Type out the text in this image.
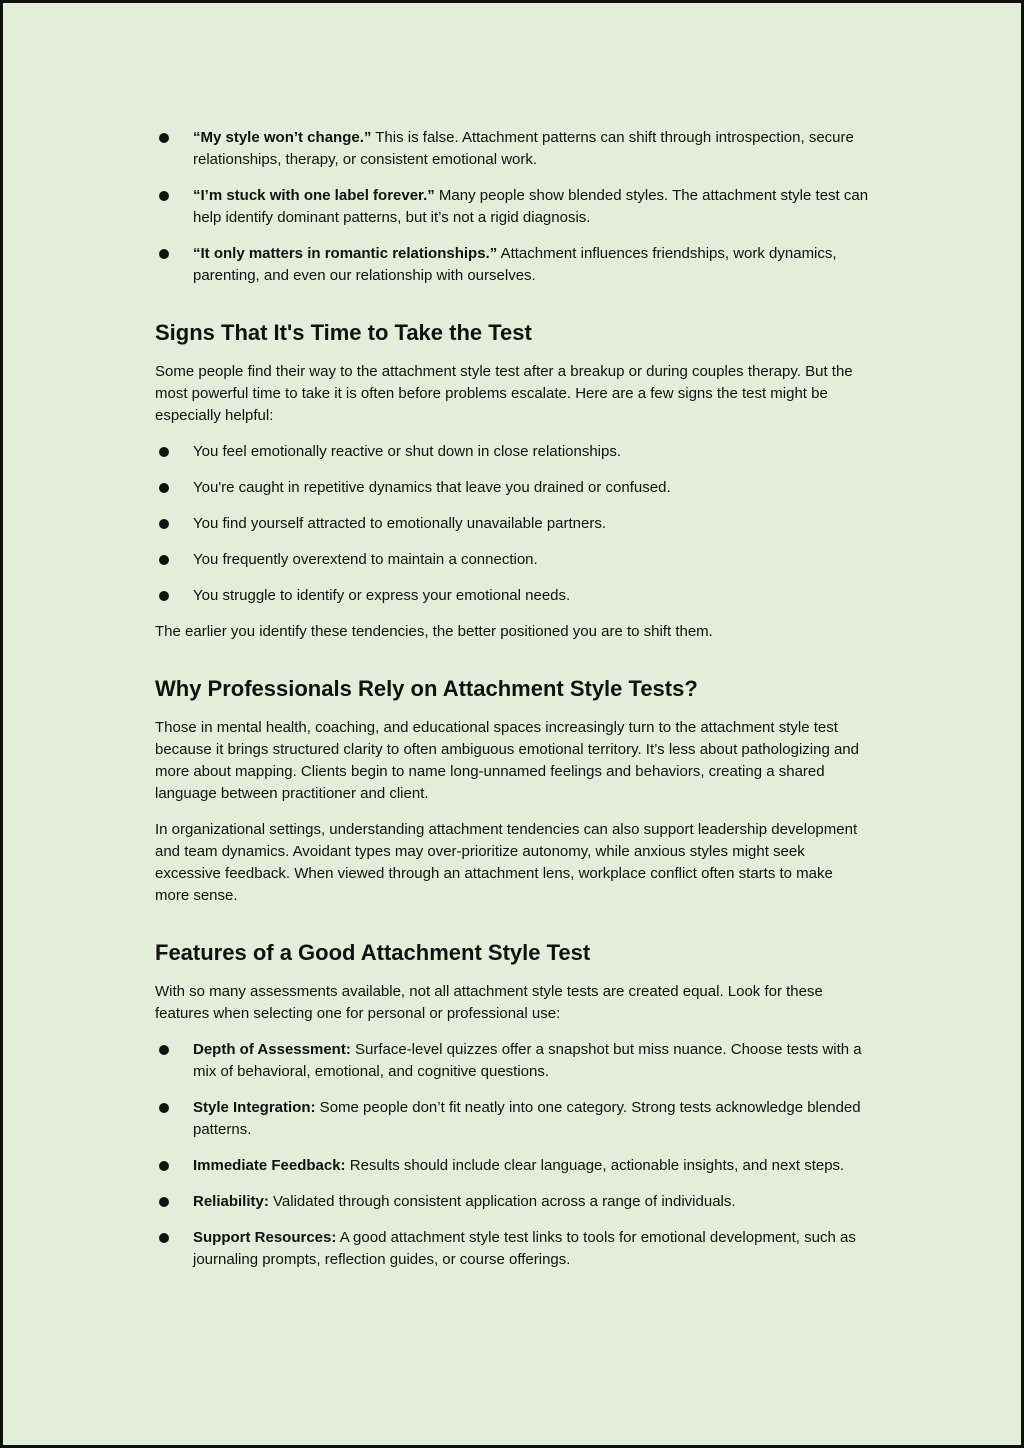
“My style won’t change.” This is false. Attachment patterns can shift through introspection, secure relationships, therapy, or consistent emotional work.
“I’m stuck with one label forever.” Many people show blended styles. The attachment style test can help identify dominant patterns, but it’s not a rigid diagnosis.
“It only matters in romantic relationships.” Attachment influences friendships, work dynamics, parenting, and even our relationship with ourselves.
Signs That It's Time to Take the Test

Some people find their way to the attachment style test after a breakup or during couples therapy. But the most powerful time to take it is often before problems escalate. Here are a few signs the test might be especially helpful:

You feel emotionally reactive or shut down in close relationships.
You're caught in repetitive dynamics that leave you drained or confused.
You find yourself attracted to emotionally unavailable partners.
You frequently overextend to maintain a connection.
You struggle to identify or express your emotional needs.

The earlier you identify these tendencies, the better positioned you are to shift them.

Why Professionals Rely on Attachment Style Tests?

Those in mental health, coaching, and educational spaces increasingly turn to the attachment style test because it brings structured clarity to often ambiguous emotional territory. It’s less about pathologizing and more about mapping. Clients begin to name long-unnamed feelings and behaviors, creating a shared language between practitioner and client.

In organizational settings, understanding attachment tendencies can also support leadership development and team dynamics. Avoidant types may over-prioritize autonomy, while anxious styles might seek excessive feedback. When viewed through an attachment lens, workplace conflict often starts to make more sense.

Features of a Good Attachment Style Test

With so many assessments available, not all attachment style tests are created equal. Look for these features when selecting one for personal or professional use:

Depth of Assessment: Surface-level quizzes offer a snapshot but miss nuance. Choose tests with a mix of behavioral, emotional, and cognitive questions.
Style Integration: Some people don’t fit neatly into one category. Strong tests acknowledge blended patterns.
Immediate Feedback: Results should include clear language, actionable insights, and next steps.
Reliability: Validated through consistent application across a range of individuals.
Support Resources: A good attachment style test links to tools for emotional development, such as journaling prompts, reflection guides, or course offerings.
